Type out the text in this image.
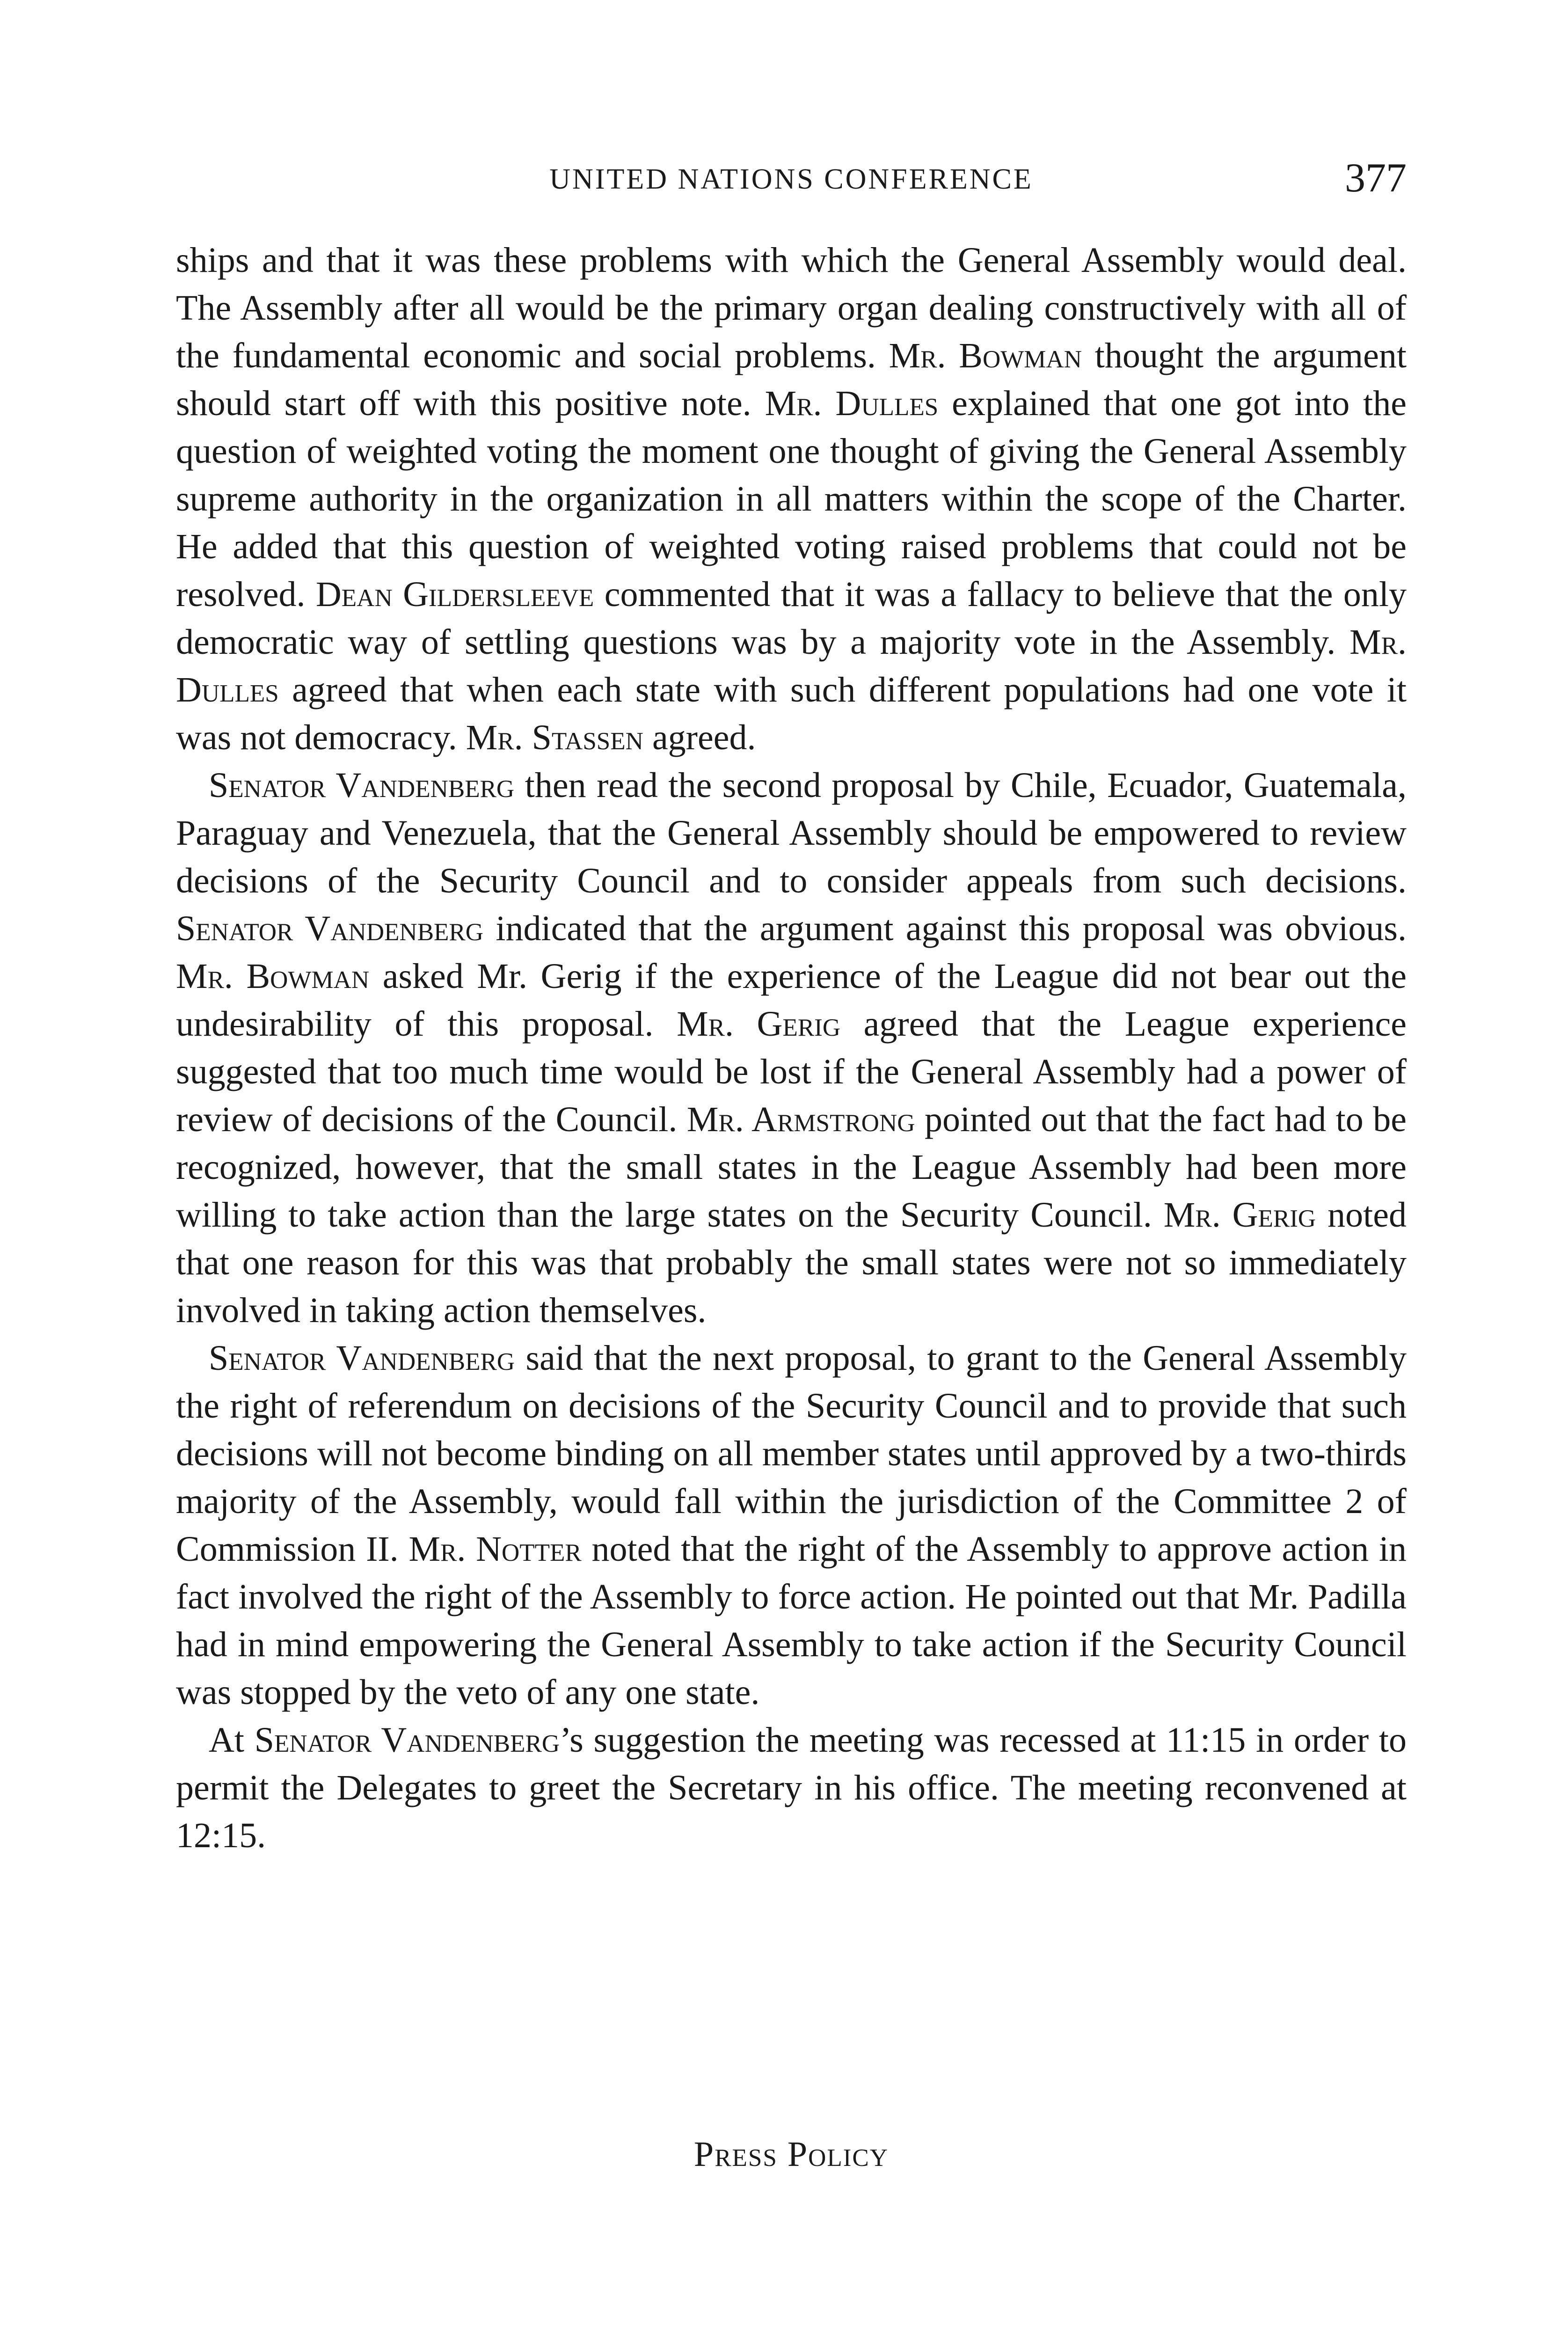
UNITED NATIONS CONFERENCE	377

ships and that it was these problems with which the General Assembly would deal. The Assembly after all would be the primary organ dealing constructively with all of the fundamental economic and social problems. Mr. Bowman thought the argument should start off with this positive note. Mr. Dulles explained that one got into the question of weighted voting the moment one thought of giving the General Assembly supreme authority in the organization in all matters within the scope of the Charter. He added that this question of weighted voting raised problems that could not be resolved. Dean Gildersleeve commented that it was a fallacy to believe that the only democratic way of settling questions was by a majority vote in the Assembly. Mr. Dulles agreed that when each state with such different populations had one vote it was not democracy. Mr. Stassen agreed.

Senator Vandenberg then read the second proposal by Chile, Ecuador, Guatemala, Paraguay and Venezuela, that the General Assembly should be empowered to review decisions of the Security Council and to consider appeals from such decisions. Senator Vandenberg indicated that the argument against this proposal was obvious. Mr. Bowman asked Mr. Gerig if the experience of the League did not bear out the undesirability of this proposal. Mr. Gerig agreed that the League experience suggested that too much time would be lost if the General Assembly had a power of review of decisions of the Council. Mr. Armstrong pointed out that the fact had to be recognized, however, that the small states in the League Assembly had been more willing to take action than the large states on the Security Council. Mr. Gerig noted that one reason for this was that probably the small states were not so immediately involved in taking action themselves.

Senator Vandenberg said that the next proposal, to grant to the General Assembly the right of referendum on decisions of the Security Council and to provide that such decisions will not become binding on all member states until approved by a two-thirds majority of the Assembly, would fall within the jurisdiction of the Committee 2 of Commission II. Mr. Notter noted that the right of the Assembly to approve action in fact involved the right of the Assembly to force action. He pointed out that Mr. Padilla had in mind empowering the General Assembly to take action if the Security Council was stopped by the veto of any one state.

At Senator Vandenberg’s suggestion the meeting was recessed at 11:15 in order to permit the Delegates to greet the Secretary in his office. The meeting reconvened at 12:15.

Press Policy
